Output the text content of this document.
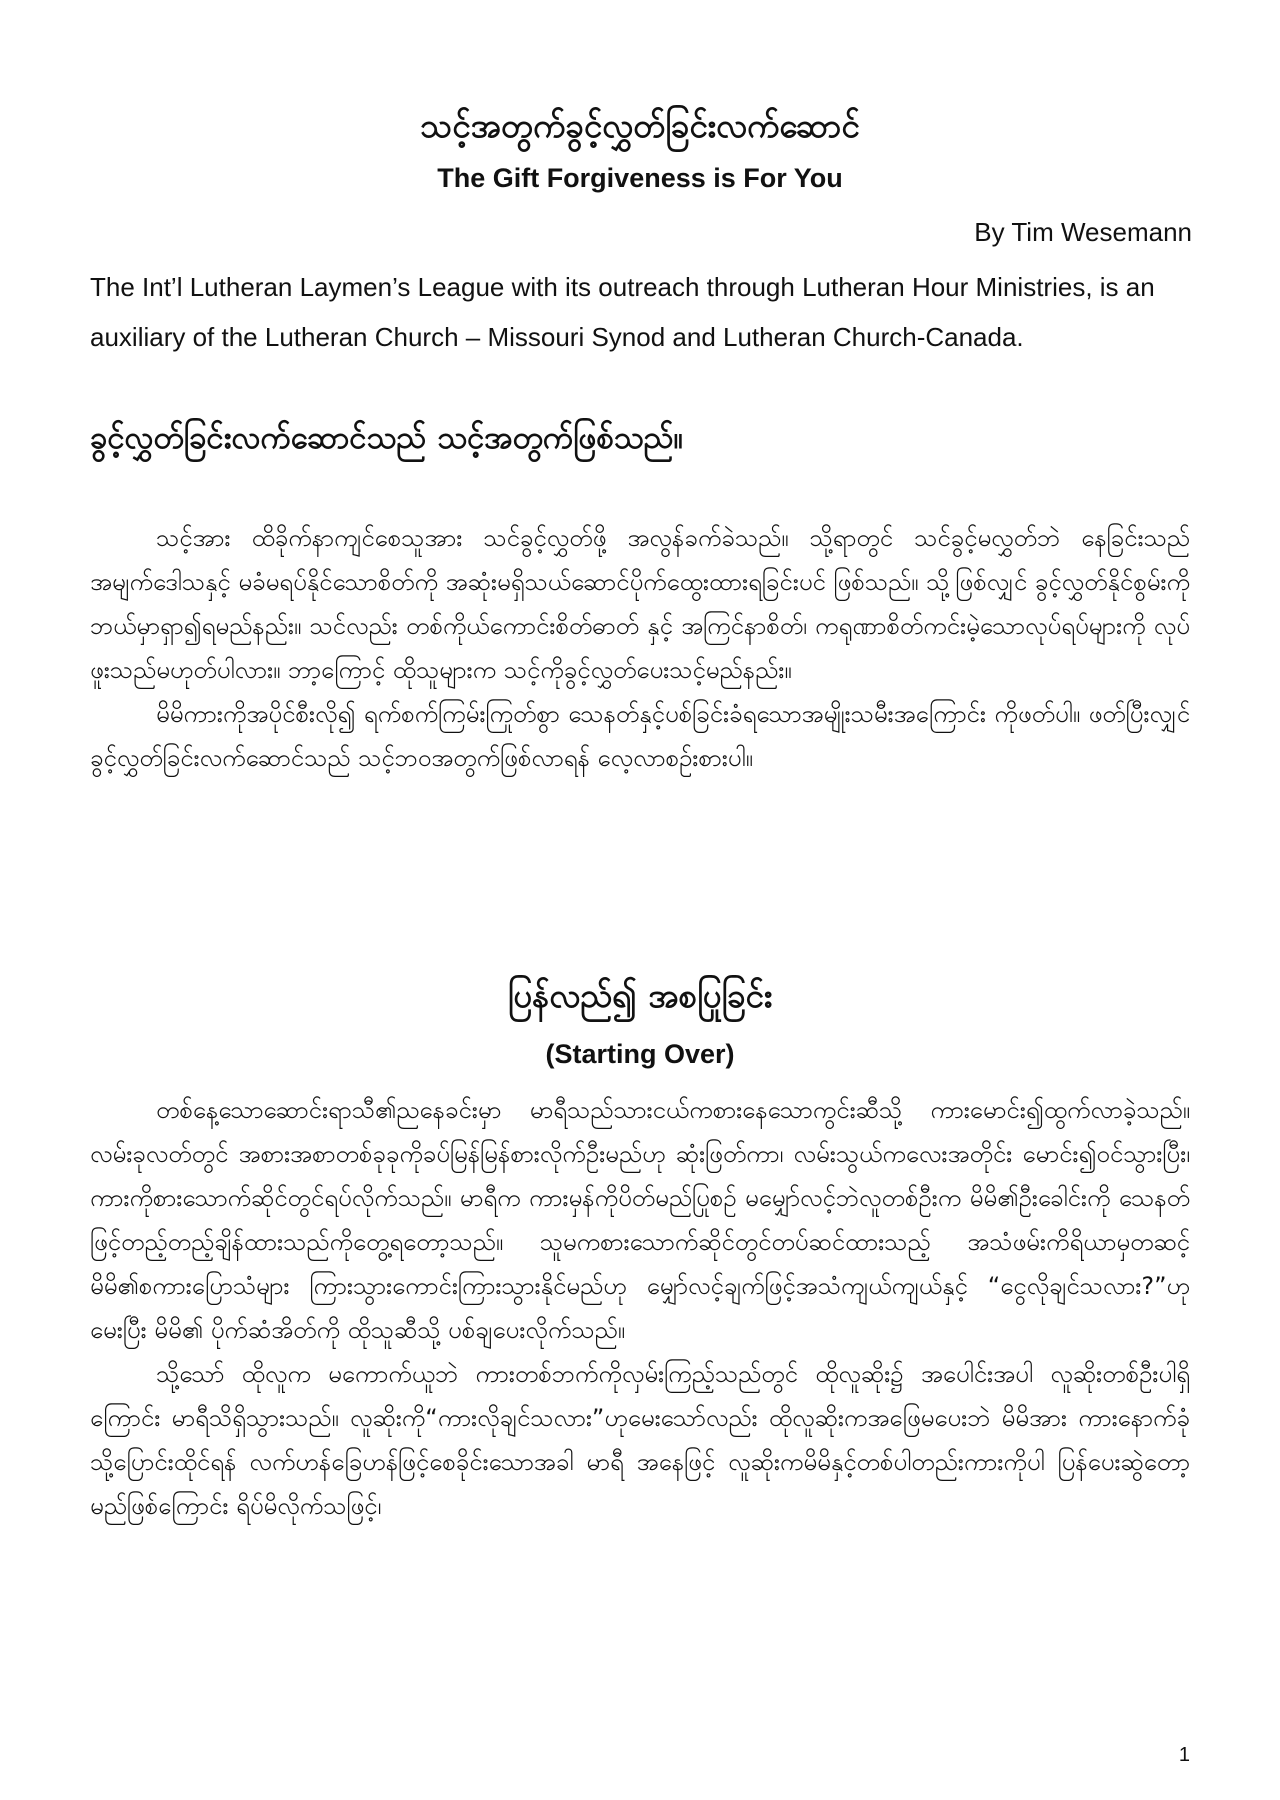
သင့်အတွက်ခွင့်လွှတ်ခြင်းလက်ဆောင်
The Gift Forgiveness is For You
By Tim Wesemann
The Int’l Lutheran Laymen’s League with its outreach through Lutheran Hour Ministries, is an auxiliary of the Lutheran Church – Missouri Synod and Lutheran Church-Canada.
ခွင့်လွှတ်ခြင်းလက်ဆောင်သည် သင့်အတွက်ဖြစ်သည်။

သင့်အား ထိခိုက်နာကျင်စေသူအား သင်ခွင့်လွှတ်ဖို့ အလွန်ခက်ခဲသည်။ သို့ရာတွင် သင်ခွင့်မလွှတ်ဘဲ နေခြင်းသည် အမျက်ဒေါသနှင့် မခံမရပ်နိုင်သောစိတ်ကို အဆုံးမရှိသယ်ဆောင်ပိုက်ထွေးထားရခြင်းပင် ဖြစ်သည်။ သို့ဖြစ်လျှင် ခွင့်လွှတ်နိုင်စွမ်းကို ဘယ်မှာရှာ၍ရမည်နည်း။ သင်လည်း တစ်ကိုယ်ကောင်းစိတ်ဓာတ် နှင့် အကြင်နာစိတ်၊ ကရုဏာစိတ်ကင်းမဲ့သောလုပ်ရပ်များကို လုပ်ဖူးသည်မဟုတ်ပါလား။ ဘာ့ကြောင့် ထိုသူများက သင့်ကိုခွင့်လွှတ်ပေးသင့်မည်နည်း။

မိမိကားကိုအပိုင်စီးလို၍ ရက်စက်ကြမ်းကြုတ်စွာ သေနတ်နှင့်ပစ်ခြင်းခံရသောအမျိုးသမီးအကြောင်း ကိုဖတ်ပါ။ ဖတ်ပြီးလျှင် ခွင့်လွှတ်ခြင်းလက်ဆောင်သည် သင့်ဘဝအတွက်ဖြစ်လာရန် လေ့လာစဉ်းစားပါ။

ပြန်လည်၍ အစပြုခြင်း
(Starting Over)

တစ်နေ့သောဆောင်းရာသီ၏ညနေခင်းမှာ မာရီသည်သားငယ်ကစားနေသောကွင်းဆီသို့ ကားမောင်း၍ထွက်လာခဲ့သည်။ လမ်းခုလတ်တွင် အစားအစာတစ်ခုခုကိုခပ်မြန်မြန်စားလိုက်ဦးမည်ဟု ဆုံးဖြတ်ကာ၊ လမ်းသွယ်ကလေးအတိုင်း မောင်း၍ဝင်သွားပြီး၊ ကားကိုစားသောက်ဆိုင်တွင်ရပ်လိုက်သည်။ မာရီက ကားမှန်ကိုပိတ်မည်ပြုစဉ် မမျှော်လင့်ဘဲလူတစ်ဦးက မိမိ၏ဦးခေါင်းကို သေနတ်ဖြင့်တည့်တည့်ချိန်ထားသည်ကိုတွေ့ရတော့သည်။ သူမကစားသောက်ဆိုင်တွင်တပ်ဆင်ထားသည့် အသံဖမ်းကိရိယာမှတဆင့် မိမိ၏စကားပြောသံများ ကြားသွားကောင်းကြားသွားနိုင်မည်ဟု မျှော်လင့်ချက်ဖြင့်အသံကျယ်ကျယ်နှင့် “ငွေလိုချင်သလား?”ဟု မေးပြီး မိမိ၏ ပိုက်ဆံအိတ်ကို ထိုသူဆီသို့ ပစ်ချပေးလိုက်သည်။

သို့သော် ထိုလူက မကောက်ယူဘဲ ကားတစ်ဘက်ကိုလှမ်းကြည့်သည်တွင် ထိုလူဆိုး၌ အပေါင်းအပါ လူဆိုးတစ်ဦးပါရှိကြောင်း မာရီသိရှိသွားသည်။ လူဆိုးကို“ကားလိုချင်သလား”ဟုမေးသော်လည်း ထိုလူဆိုးကအဖြေမပေးဘဲ မိမိအား ကားနောက်ခုံသို့ပြောင်းထိုင်ရန် လက်ဟန်ခြေဟန်ဖြင့်စေခိုင်းသောအခါ မာရီ အနေဖြင့် လူဆိုးကမိမိနှင့်တစ်ပါတည်းကားကိုပါ ပြန်ပေးဆွဲတော့မည်ဖြစ်ကြောင်း ရိပ်မိလိုက်သဖြင့်၊

1
